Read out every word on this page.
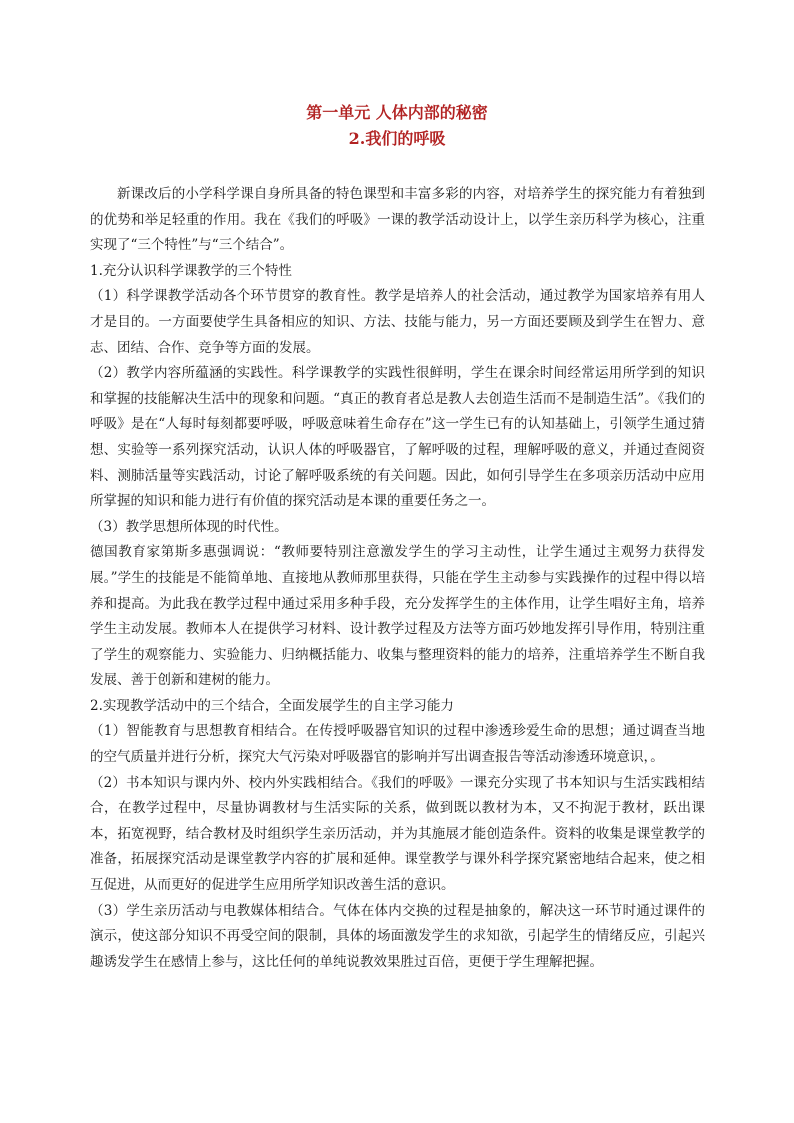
第一单元 人体内部的秘密
2.我们的呼吸

新课改后的小学科学课自身所具备的特色课型和丰富多彩的内容，对培养学生的探究能力有着独到的优势和举足轻重的作用。我在《我们的呼吸》一课的教学活动设计上，以学生亲历科学为核心，注重实现了“三个特性”与“三个结合”。

1.充分认识科学课教学的三个特性

（1）科学课教学活动各个环节贯穿的教育性。教学是培养人的社会活动，通过教学为国家培养有用人才是目的。一方面要使学生具备相应的知识、方法、技能与能力，另一方面还要顾及到学生在智力、意志、团结、合作、竞争等方面的发展。

（2）教学内容所蕴涵的实践性。科学课教学的实践性很鲜明，学生在课余时间经常运用所学到的知识和掌握的技能解决生活中的现象和问题。“真正的教育者总是教人去创造生活而不是制造生活”。《我们的呼吸》是在“人每时每刻都要呼吸，呼吸意味着生命存在”这一学生已有的认知基础上，引领学生通过猜想、实验等一系列探究活动，认识人体的呼吸器官，了解呼吸的过程，理解呼吸的意义，并通过查阅资料、测肺活量等实践活动，讨论了解呼吸系统的有关问题。因此，如何引导学生在多项亲历活动中应用所掌握的知识和能力进行有价值的探究活动是本课的重要任务之一。

（3）教学思想所体现的时代性。

德国教育家第斯多惠强调说：“教师要特别注意激发学生的学习主动性，让学生通过主观努力获得发展。”学生的技能是不能简单地、直接地从教师那里获得，只能在学生主动参与实践操作的过程中得以培养和提高。为此我在教学过程中通过采用多种手段，充分发挥学生的主体作用，让学生唱好主角，培养学生主动发展。教师本人在提供学习材料、设计教学过程及方法等方面巧妙地发挥引导作用，特别注重了学生的观察能力、实验能力、归纳概括能力、收集与整理资料的能力的培养，注重培养学生不断自我发展、善于创新和建树的能力。

2.实现教学活动中的三个结合，全面发展学生的自主学习能力

（1）智能教育与思想教育相结合。在传授呼吸器官知识的过程中渗透珍爱生命的思想；通过调查当地的空气质量并进行分析，探究大气污染对呼吸器官的影响并写出调查报告等活动渗透环境意识，。

（2）书本知识与课内外、校内外实践相结合。《我们的呼吸》一课充分实现了书本知识与生活实践相结合，在教学过程中，尽量协调教材与生活实际的关系，做到既以教材为本，又不拘泥于教材，跃出课本，拓宽视野，结合教材及时组织学生亲历活动，并为其施展才能创造条件。资料的收集是课堂教学的准备，拓展探究活动是课堂教学内容的扩展和延伸。课堂教学与课外科学探究紧密地结合起来，使之相互促进，从而更好的促进学生应用所学知识改善生活的意识。

（3）学生亲历活动与电教媒体相结合。气体在体内交换的过程是抽象的，解决这一环节时通过课件的演示，使这部分知识不再受空间的限制，具体的场面激发学生的求知欲，引起学生的情绪反应，引起兴趣诱发学生在感情上参与，这比任何的单纯说教效果胜过百倍，更便于学生理解把握。
